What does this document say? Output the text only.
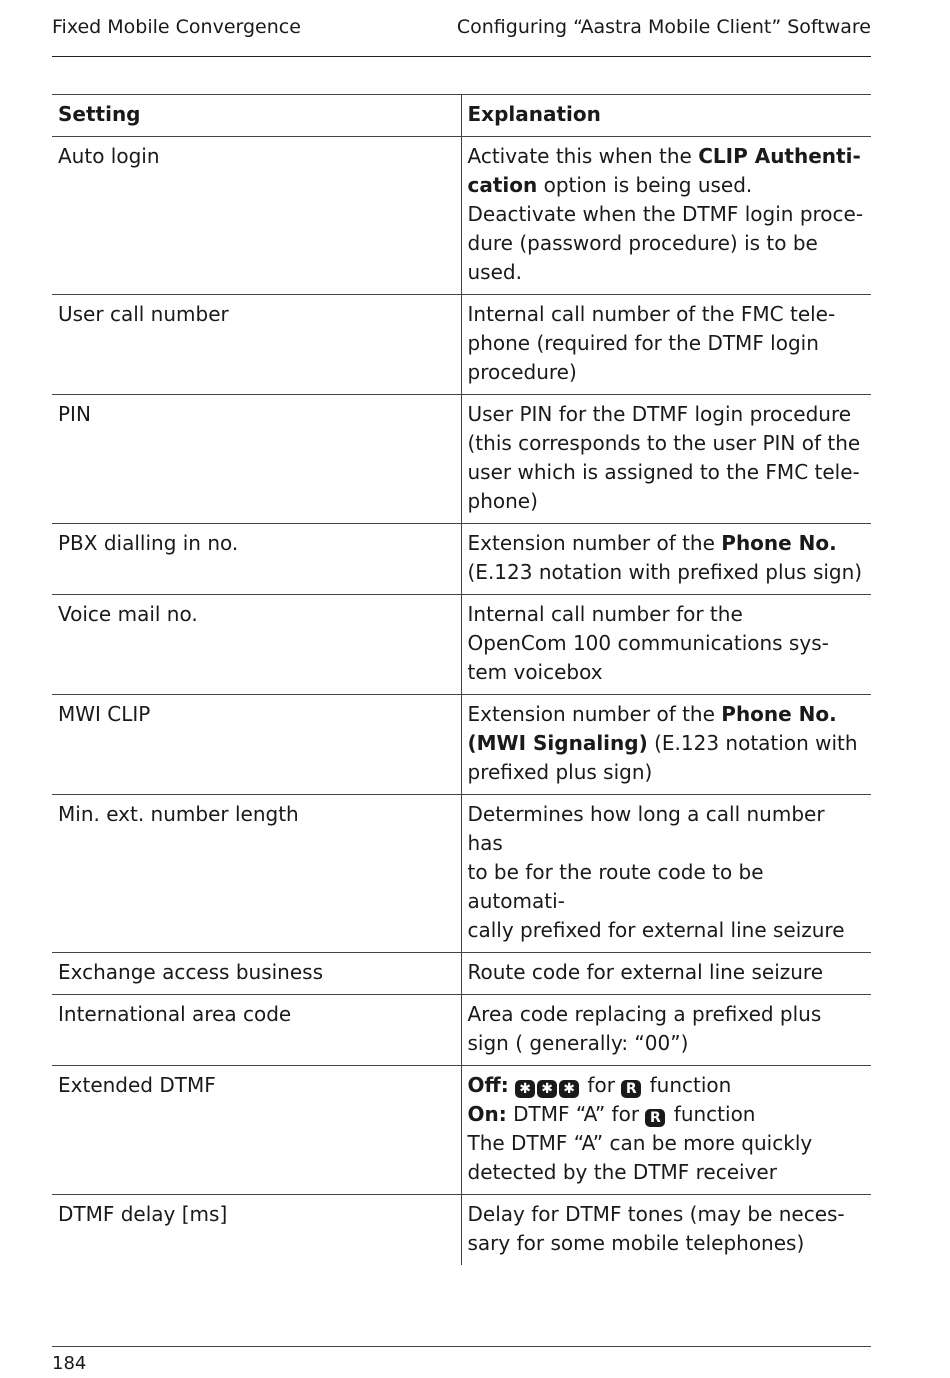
Fixed Mobile Convergence	Configuring “Aastra Mobile Client” Software
Setting	Explanation
Auto login	Activate this when the CLIP Authenti-
cation option is being used.
Deactivate when the DTMF login proce-
dure (password procedure) is to be
used.

User call number	Internal call number of the FMC tele-
phone (required for the DTMF login
procedure)

PIN	User PIN for the DTMF login procedure
(this corresponds to the user PIN of the
user which is assigned to the FMC tele-
phone)

PBX dialling in no.	Extension number of the Phone No.
(E.123 notation with prefixed plus sign)

Voice mail no.	Internal call number for the
OpenCom 100 communications sys-
tem voicebox

MWI CLIP	Extension number of the Phone No.
(MWI Signaling) (E.123 notation with
prefixed plus sign)

Min. ext. number length	Determines how long a call number has
to be for the route code to be automati-
cally prefixed for external line seizure

Exchange access business	Route code for external line seizure

International area code	Area code replacing a prefixed plus
sign ( generally: “00”)

Extended DTMF	Off: ✱ ✱ ✱ for R function
On: DTMF “A” for R function
The DTMF “A” can be more quickly
detected by the DTMF receiver

DTMF delay [ms]	Delay for DTMF tones (may be neces-
sary for some mobile telephones)
184
